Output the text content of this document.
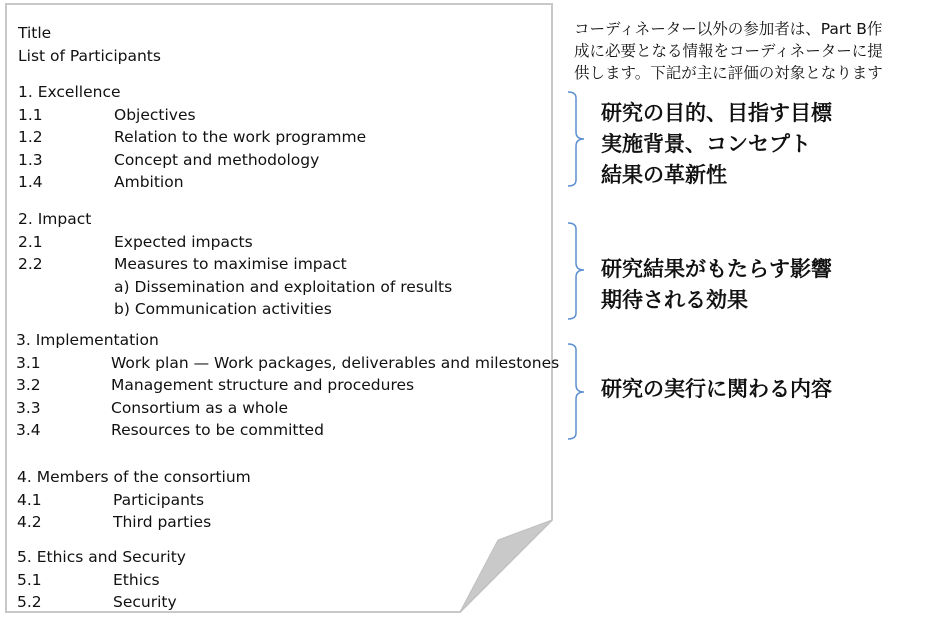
Title
List of Participants
1. Excellence
1.1	Objectives
1.2	Relation to the work programme
1.3	Concept and methodology
1.4	Ambition
2. Impact
2.1	Expected impacts
2.2	Measures to maximise impact
a) Dissemination and exploitation of results
b) Communication activities
3. Implementation
3.1	Work plan — Work packages, deliverables and milestones
3.2	Management structure and procedures
3.3	Consortium as a whole
3.4	Resources to be committed
4. Members of the consortium
4.1	Participants
4.2	Third parties
5. Ethics and Security
5.1	Ethics
5.2	Security
コーディネーター以外の参加者は、Part B作
成に必要となる情報をコーディネーターに提
供します。下記が主に評価の対象となります
研究の目的、目指す目標
実施背景、コンセプト
結果の革新性
研究結果がもたらす影響
期待される効果
研究の実行に関わる内容
